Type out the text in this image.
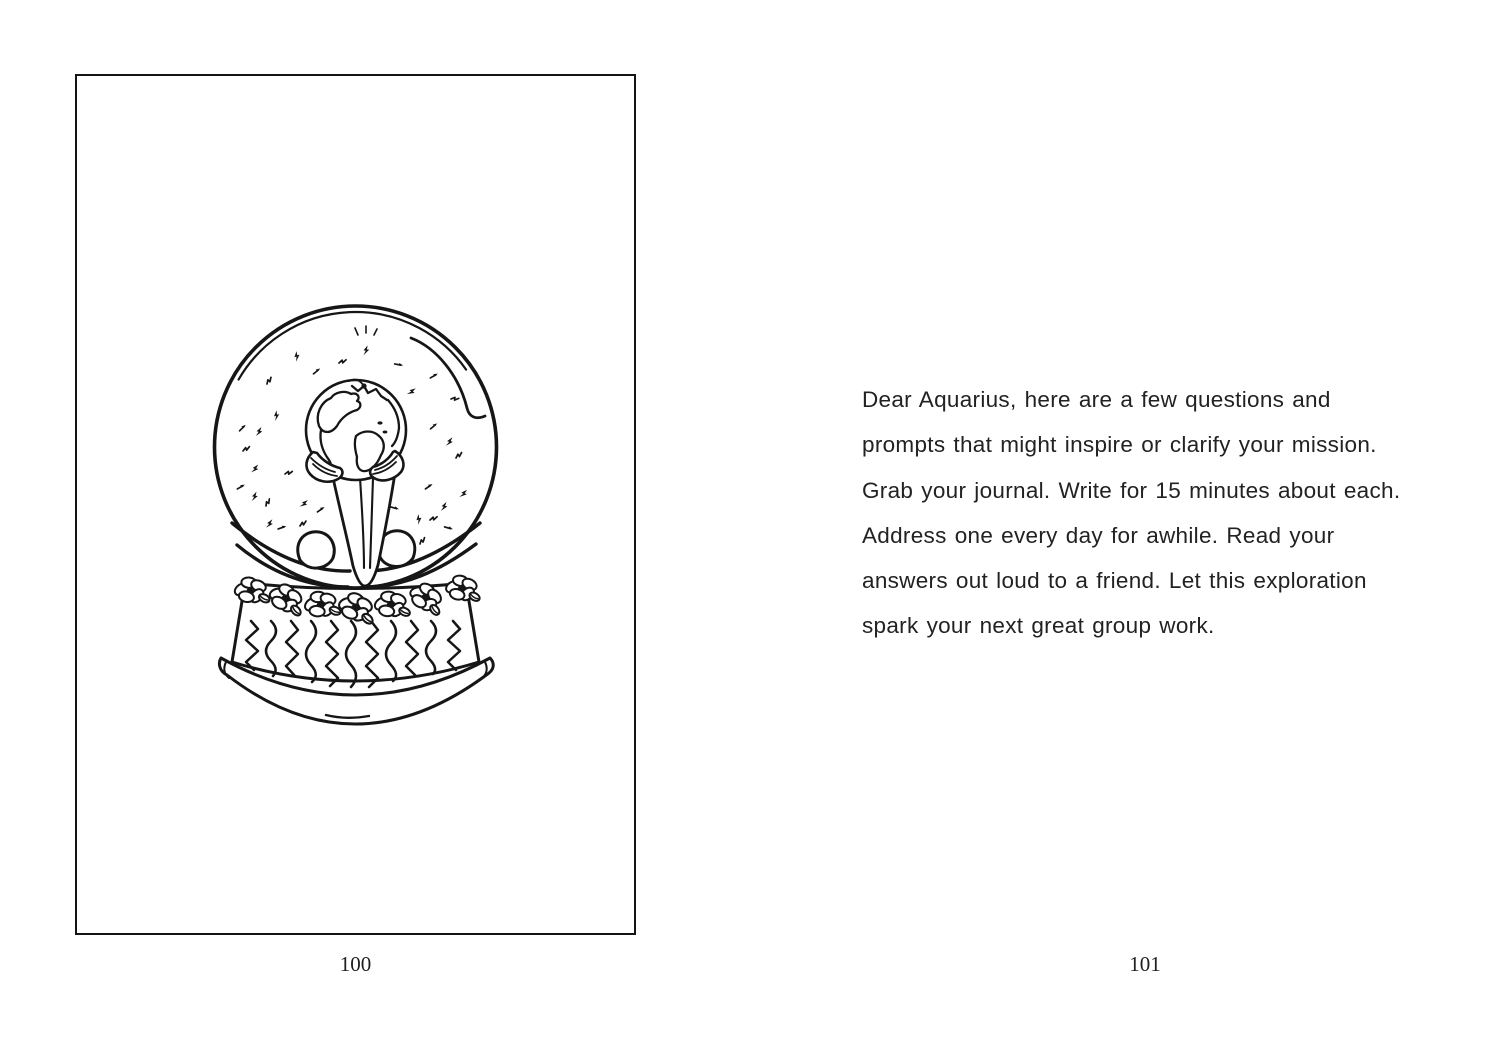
100
Dear Aquarius, here are a few questions and
prompts that might inspire or clarify your mission.
Grab your journal. Write for 15 minutes about each.
Address one every day for awhile. Read your
answers out loud to a friend. Let this exploration
spark your next great group work.
101
